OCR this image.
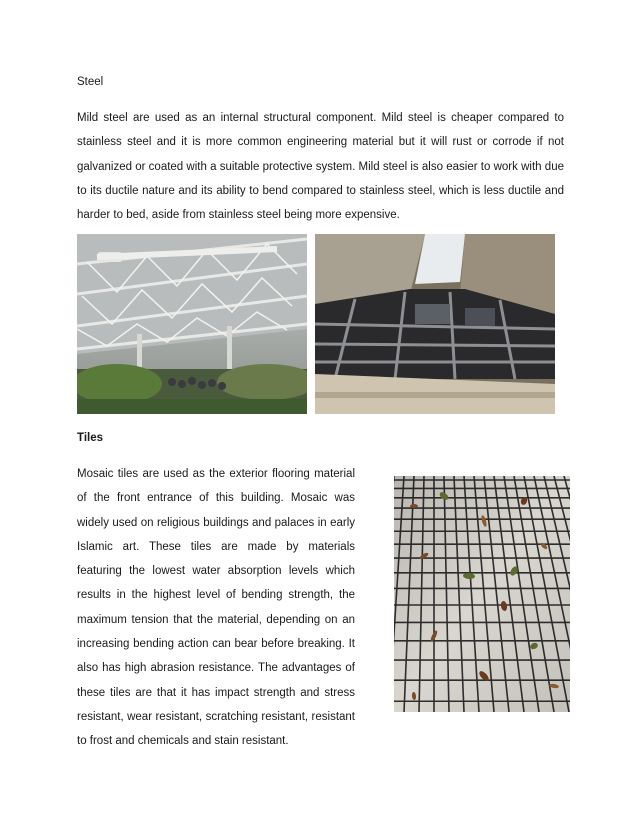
Steel

Mild steel are used as an internal structural component. Mild steel is cheaper compared to stainless steel and it is more common engineering material but it will rust or corrode if not galvanized or coated with a suitable protective system. Mild steel is also easier to work with due to its ductile nature and its ability to bend compared to stainless steel, which is less ductile and harder to bed, aside from stainless steel being more expensive.

Tiles

Mosaic tiles are used as the exterior flooring material of the front entrance of this building. Mosaic was widely used on religious buildings and palaces in early Islamic art. These tiles are made by materials featuring the lowest water absorption levels which results in the highest level of bending strength, the maximum tension that the material, depending on an increasing bending action can bear before breaking. It also has high abrasion resistance. The advantages of these tiles are that it has impact strength and stress resistant, wear resistant, scratching resistant, resistant to frost and chemicals and stain resistant.
